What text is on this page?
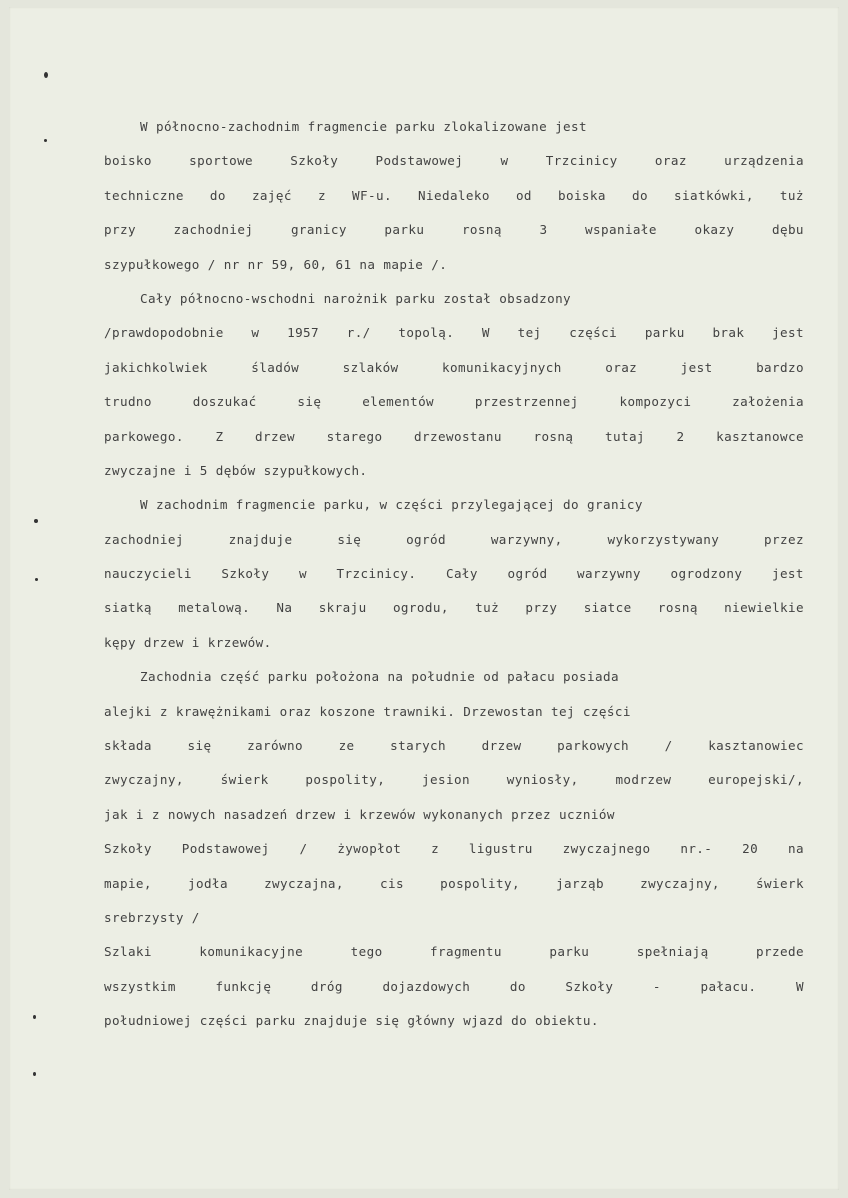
W północno-zachodnim fragmencie parku zlokalizowane jest
boisko	sportowe	Szkoły	Podstawowej	w	Trzcinicy	oraz	urządzenia
techniczne do zajęć z WF-u. Niedaleko od boiska do siatkówki, tuż
przy	zachodniej	granicy	parku	rosną	3	wspaniałe	okazy	dębu
szypułkowego / nr nr 59, 60, 61 na mapie /.
Cały północno-wschodni narożnik parku został obsadzony
/prawdopodobnie w 1957 r./ topolą. W tej części parku brak jest
jakichkolwiek	śladów	szlaków	komunikacyjnych	oraz	jest	bardzo
trudno	doszukać	się	elementów	przestrzennej	kompozyci	założenia
parkowego.	Z	drzew	starego	drzewostanu	rosną	tutaj	2	kasztanowce
zwyczajne i 5 dębów szypułkowych.
W zachodnim fragmencie parku, w części przylegającej do granicy
zachodniej	znajduje	się	ogród	warzywny,	wykorzystywany	przez
nauczycieli Szkoły w Trzcinicy. Cały ogród warzywny ogrodzony jest
siatką metalową. Na skraju ogrodu, tuż przy siatce rosną niewielkie
kępy drzew i krzewów.
Zachodnia część parku położona na południe od pałacu posiada
alejki z krawężnikami oraz koszone trawniki. Drzewostan tej części
składa	się	zarówno	ze	starych	drzew	parkowych	/	kasztanowiec
zwyczajny,	świerk	pospolity,	jesion	wyniosły,	modrzew	europejski/,
jak i z nowych nasadzeń drzew i krzewów wykonanych przez uczniów
Szkoły Podstawowej / żywopłot z ligustru zwyczajnego nr.- 20 na
mapie,	jodła	zwyczajna,	cis	pospolity,	jarząb	zwyczajny,	świerk
srebrzysty /
Szlaki	komunikacyjne	tego	fragmentu	parku	spełniają	przede
wszystkim	funkcję	dróg	dojazdowych	do	Szkoły	-	pałacu.	W
południowej części parku znajduje się główny wjazd do obiektu.
